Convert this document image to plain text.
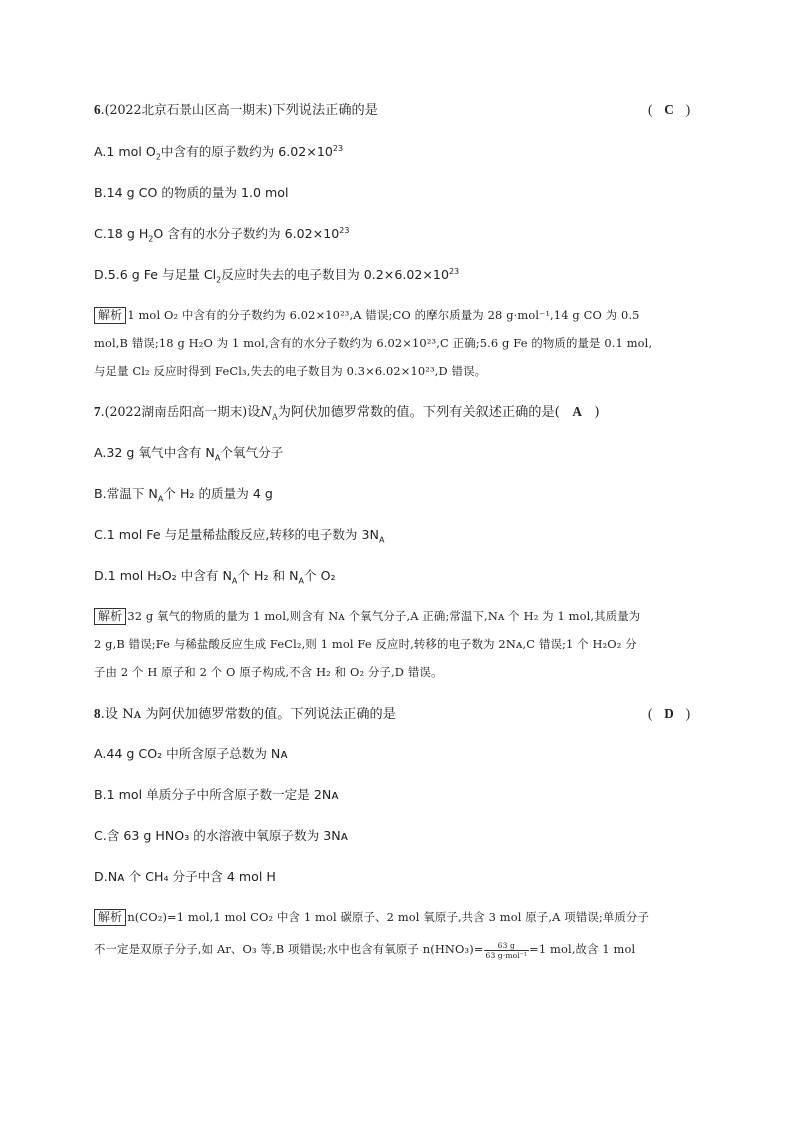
6.(2022北京石景山区高一期末)下列说法正确的是	(   C   )
A.1 mol $O_2$中含有的原子数约为 $6.02\times 10^{23}$
B.14 g CO 的物质的量为 1.0 mol
C.18 g $H_2O$ 含有的水分子数约为 $6.02\times 10^{23}$
D.5.6 g Fe 与足量 $Cl_2$反应时失去的电子数目为 $0.2\times 6.02\times 10^{23}$
解析 1 mol O₂ 中含有的分子数约为 6.02×10²³,A 错误;CO 的摩尔质量为 28 g·mol⁻¹,14 g CO 为 0.5
mol,B 错误;18 g H₂O 为 1 mol,含有的水分子数约为 6.02×10²³,C 正确;5.6 g Fe 的物质的量是 0.1 mol,
与足量 Cl₂ 反应时得到 FeCl₃,失去的电子数目为 0.3×6.02×10²³,D 错误。
7.(2022湖南岳阳高一期末)设$N_A$为阿伏加德罗常数的值。下列有关叙述正确的是( A )
A.32 g 氧气中含有 $N_A$个氧气分子
B.常温下 $N_A$个 H₂ 的质量为 4 g
C.1 mol Fe 与足量稀盐酸反应,转移的电子数为 $3N_A$
D.1 mol H₂O₂ 中含有 $N_A$个 H₂ 和 $N_A$个 O₂
解析 32 g 氧气的物质的量为 1 mol,则含有 Nᴀ 个氧气分子,A 正确;常温下,Nᴀ 个 H₂ 为 1 mol,其质量为
2 g,B 错误;Fe 与稀盐酸反应生成 FeCl₂,则 1 mol Fe 反应时,转移的电子数为 2Nᴀ,C 错误;1 个 H₂O₂ 分
子由 2 个 H 原子和 2 个 O 原子构成,不含 H₂ 和 O₂ 分子,D 错误。
8.设 Nᴀ 为阿伏加德罗常数的值。下列说法正确的是	(   D   )
A.44 g CO₂ 中所含原子总数为 Nᴀ
B.1 mol 单质分子中所含原子数一定是 2Nᴀ
C.含 63 g HNO₃ 的水溶液中氧原子数为 3Nᴀ
D.Nᴀ 个 CH₄ 分子中含 4 mol H
解析 n(CO₂)=1 mol,1 mol CO₂ 中含 1 mol 碳原子、2 mol 氧原子,共含 3 mol 原子,A 项错误;单质分子
不一定是双原子分子,如 Ar、O₃ 等,B 项错误;水中也含有氧原子 $n(HNO_3)= \frac{63 g}{\text{63 g·mol⁻¹}} =1$ mol,故含 1 mol
